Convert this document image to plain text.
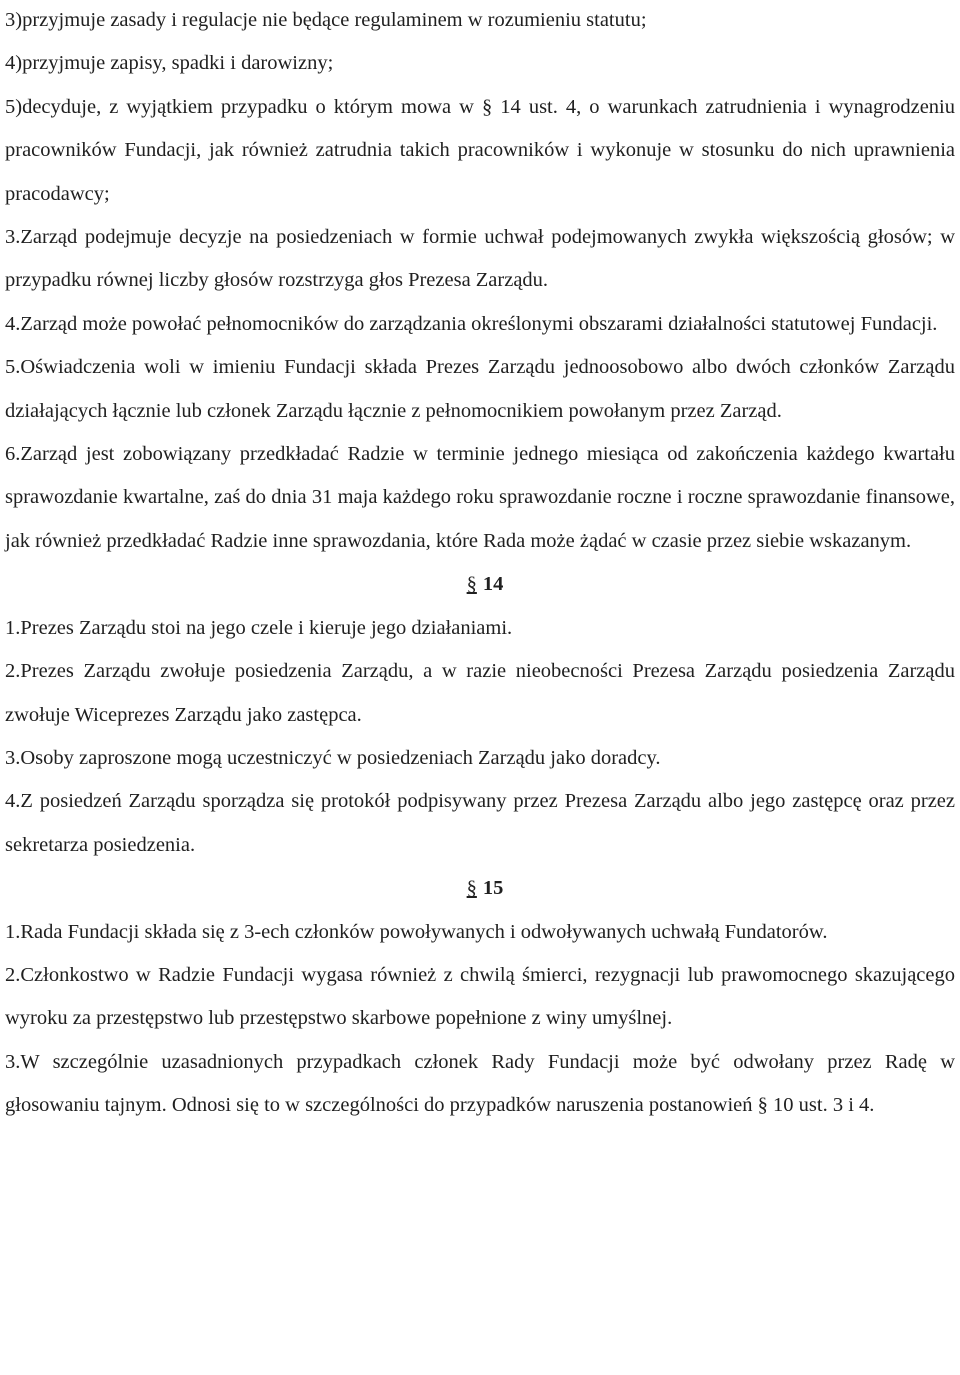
3)przyjmuje zasady i regulacje nie będące regulaminem w rozumieniu statutu;

4)przyjmuje zapisy, spadki i darowizny;

5)decyduje, z wyjątkiem przypadku o którym mowa w § 14 ust. 4, o warunkach zatrudnienia i wynagrodzeniu pracowników Fundacji, jak również zatrudnia takich pracowników i wykonuje w stosunku do nich uprawnienia pracodawcy;

3.Zarząd podejmuje decyzje na posiedzeniach w formie uchwał podejmowanych zwykła większością głosów; w przypadku równej liczby głosów rozstrzyga głos Prezesa Zarządu.

4.Zarząd może powołać pełnomocników do zarządzania określonymi obszarami działalności statutowej Fundacji.

5.Oświadczenia woli w imieniu Fundacji składa Prezes Zarządu jednoosobowo albo dwóch członków Zarządu działających łącznie lub członek Zarządu łącznie z pełnomocnikiem powołanym przez Zarząd.

6.Zarząd jest zobowiązany przedkładać Radzie w terminie jednego miesiąca od zakończenia każdego kwartału sprawozdanie kwartalne, zaś do dnia 31 maja każdego roku sprawozdanie roczne i roczne sprawozdanie finansowe, jak również przedkładać Radzie inne sprawozdania, które Rada może żądać w czasie przez siebie wskazanym.

§ 14

1.Prezes Zarządu stoi na jego czele i kieruje jego działaniami.

2.Prezes Zarządu zwołuje posiedzenia Zarządu, a w razie nieobecności Prezesa Zarządu posiedzenia Zarządu zwołuje Wiceprezes Zarządu jako zastępca.

3.Osoby zaproszone mogą uczestniczyć w posiedzeniach Zarządu jako doradcy.

4.Z posiedzeń Zarządu sporządza się protokół podpisywany przez Prezesa Zarządu albo jego zastępcę oraz przez sekretarza posiedzenia.

§ 15

1.Rada Fundacji składa się z 3-ech członków powoływanych i odwoływanych uchwałą Fundatorów.

2.Członkostwo w Radzie Fundacji wygasa również z chwilą śmierci, rezygnacji lub prawomocnego skazującego wyroku za przestępstwo lub przestępstwo skarbowe popełnione z winy umyślnej.

3.W szczególnie uzasadnionych przypadkach członek Rady Fundacji może być odwołany przez Radę w głosowaniu tajnym. Odnosi się to w szczególności do przypadków naruszenia postanowień § 10 ust. 3 i 4.
